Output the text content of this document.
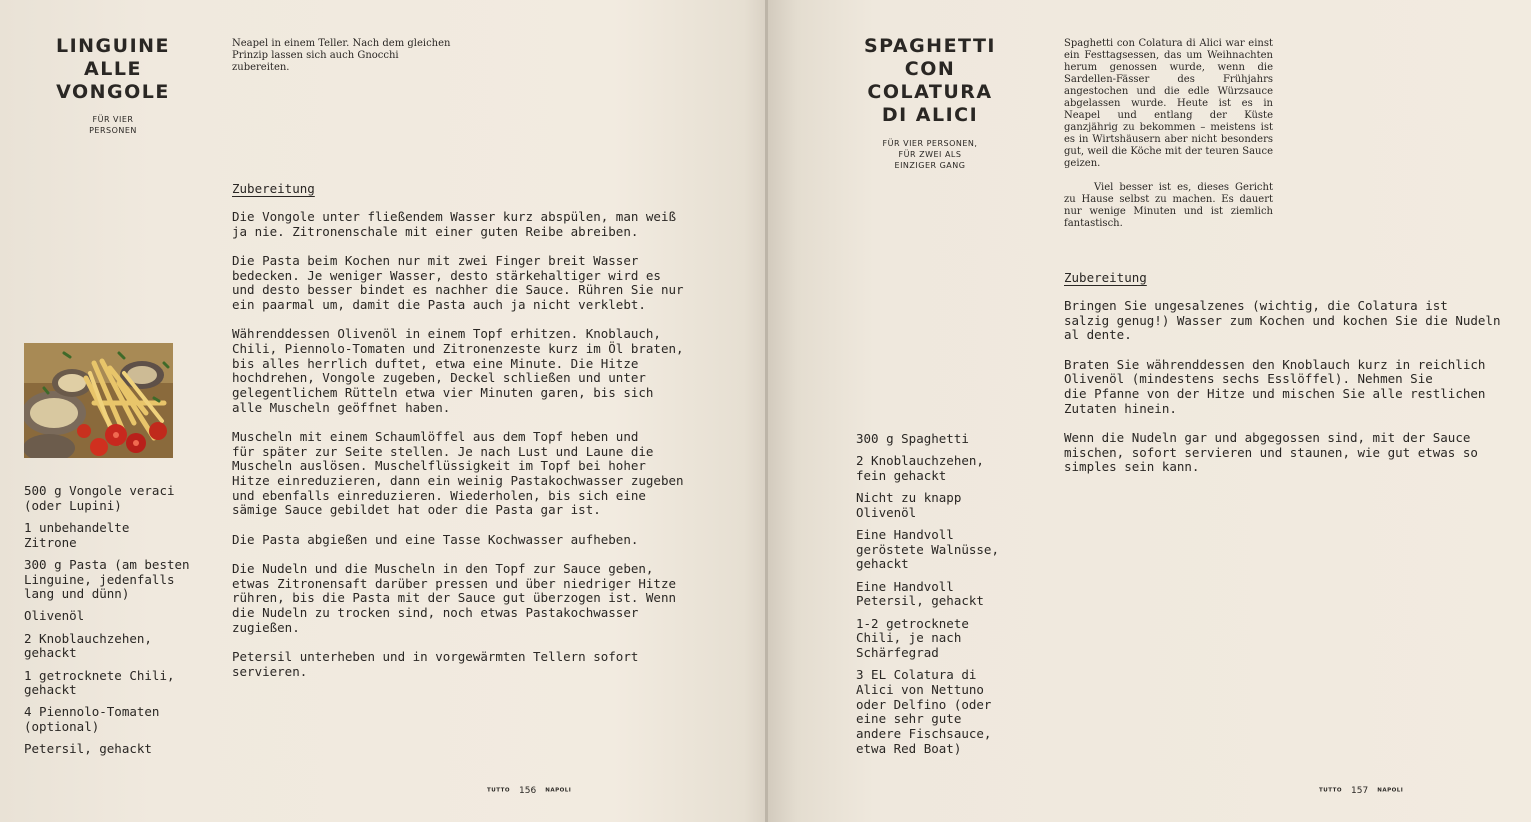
LINGUINE
ALLE
VONGOLE

FÜR VIER
PERSONEN

Neapel in einem Teller. Nach dem gleichen
Prinzip lassen sich auch Gnocchi zubereiten.

Zubereitung

Die Vongole unter fließendem Wasser kurz abspülen, man weiß
ja nie. Zitronenschale mit einer guten Reibe abreiben.

Die Pasta beim Kochen nur mit zwei Finger breit Wasser
bedecken. Je weniger Wasser, desto stärkehaltiger wird es
und desto besser bindet es nachher die Sauce. Rühren Sie nur
ein paarmal um, damit die Pasta auch ja nicht verklebt.

Währenddessen Olivenöl in einem Topf erhitzen. Knoblauch,
Chili, Piennolo-Tomaten und Zitronenzeste kurz im Öl braten,
bis alles herrlich duftet, etwa eine Minute. Die Hitze
hochdrehen, Vongole zugeben, Deckel schließen und unter
gelegentlichem Rütteln etwa vier Minuten garen, bis sich
alle Muscheln geöffnet haben.

Muscheln mit einem Schaumlöffel aus dem Topf heben und
für später zur Seite stellen. Je nach Lust und Laune die
Muscheln auslösen. Muschelflüssigkeit im Topf bei hoher
Hitze einreduzieren, dann ein weinig Pastakochwasser zugeben
und ebenfalls einreduzieren. Wiederholen, bis sich eine
sämige Sauce gebildet hat oder die Pasta gar ist.

Die Pasta abgießen und eine Tasse Kochwasser aufheben.

Die Nudeln und die Muscheln in den Topf zur Sauce geben,
etwas Zitronensaft darüber pressen und über niedriger Hitze
rühren, bis die Pasta mit der Sauce gut überzogen ist. Wenn
die Nudeln zu trocken sind, noch etwas Pastakochwasser
zugießen.

Petersil unterheben und in vorgewärmten Tellern sofort
servieren.

500 g Vongole veraci
(oder Lupini)
1 unbehandelte
Zitrone
300 g Pasta (am besten
Linguine, jedenfalls
lang und dünn)
Olivenöl
2 Knoblauchzehen,
gehackt
1 getrocknete Chili,
gehackt
4 Piennolo-Tomaten
(optional)
Petersil, gehackt
TUTTO 156 NAPOLI
SPAGHETTI
CON
COLATURA
DI ALICI

FÜR VIER PERSONEN,
FÜR ZWEI ALS
EINZIGER GANG

Spaghetti con Colatura di Alici war einst ein Festtagsessen, das um Weihnachten herum genossen wurde, wenn die Sardellen-Fässer des Frühjahrs angestochen und die edle Würzsauce abgelassen wurde. Heute ist es in Neapel und entlang der Küste ganzjährig zu bekommen – meistens ist es in Wirtshäusern aber nicht besonders gut, weil die Köche mit der teuren Sauce geizen.

Viel besser ist es, dieses Gericht zu Hause selbst zu machen. Es dauert nur wenige Minuten und ist ziemlich fantastisch.

Zubereitung

Bringen Sie ungesalzenes (wichtig, die Colatura ist
salzig genug!) Wasser zum Kochen und kochen Sie die Nudeln
al dente.

Braten Sie währenddessen den Knoblauch kurz in reichlich
Olivenöl (mindestens sechs Esslöffel). Nehmen Sie
die Pfanne von der Hitze und mischen Sie alle restlichen
Zutaten hinein.

Wenn die Nudeln gar und abgegossen sind, mit der Sauce
mischen, sofort servieren und staunen, wie gut etwas so
simples sein kann.

300 g Spaghetti
2 Knoblauchzehen,
fein gehackt
Nicht zu knapp
Olivenöl
Eine Handvoll
geröstete Walnüsse,
gehackt
Eine Handvoll
Petersil, gehackt
1-2 getrocknete
Chili, je nach
Schärfegrad
3 EL Colatura di
Alici von Nettuno
oder Delfino (oder
eine sehr gute
andere Fischsauce,
etwa Red Boat)
TUTTO 157 NAPOLI
